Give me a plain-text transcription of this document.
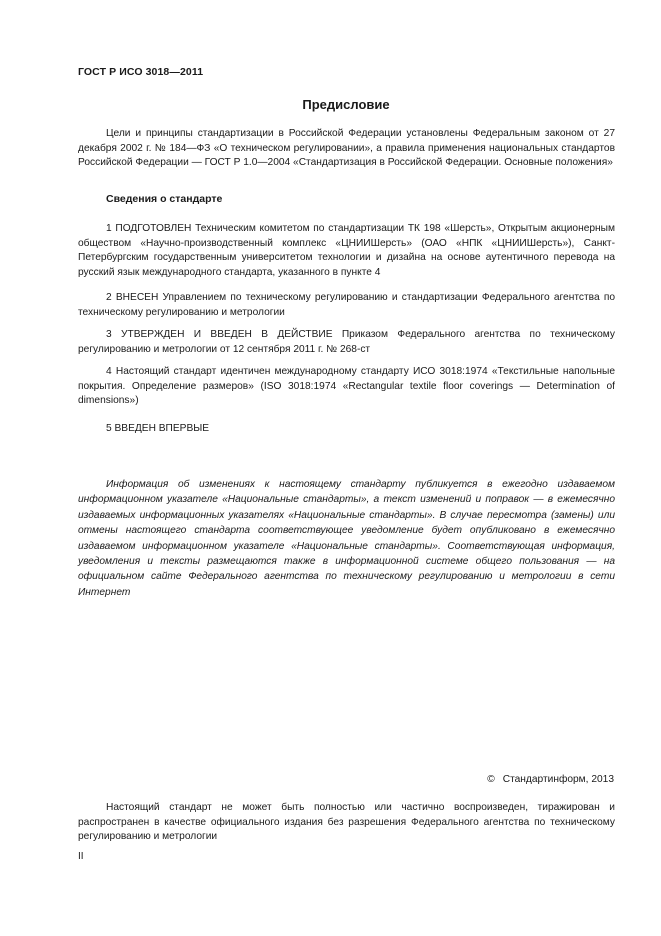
ГОСТ Р ИСО 3018—2011
Предисловие

Цели и принципы стандартизации в Российской Федерации установлены Федеральным законом от 27 декабря 2002 г. № 184—ФЗ «О техническом регулировании», а правила применения национальных стандартов Российской Федерации — ГОСТ Р 1.0—2004 «Стандартизация в Российской Федерации. Основные положения»

Сведения о стандарте

1 ПОДГОТОВЛЕН Техническим комитетом по стандартизации ТК 198 «Шерсть», Открытым акционерным обществом «Научно-производственный комплекс «ЦНИИШерсть» (ОАО «НПК «ЦНИИШерсть»), Санкт-Петербургским государственным университетом технологии и дизайна на основе аутентичного перевода на русский язык международного стандарта, указанного в пункте 4

2 ВНЕСЕН Управлением по техническому регулированию и стандартизации Федерального агентства по техническому регулированию и метрологии

3 УТВЕРЖДЕН И ВВЕДЕН В ДЕЙСТВИЕ Приказом Федерального агентства по техническому регулированию и метрологии от 12 сентября 2011 г. № 268-ст

4 Настоящий стандарт идентичен международному стандарту ИСО 3018:1974 «Текстильные напольные покрытия. Определение размеров» (ISO 3018:1974 «Rectangular textile floor coverings — Determination of dimensions»)

5 ВВЕДЕН ВПЕРВЫЕ

Информация об изменениях к настоящему стандарту публикуется в ежегодно издаваемом информационном указателе «Национальные стандарты», а текст изменений и поправок — в ежемесячно издаваемых информационных указателях «Национальные стандарты». В случае пересмотра (замены) или отмены настоящего стандарта соответствующее уведомление будет опубликовано в ежемесячно издаваемом информационном указателе «Национальные стандарты». Соответствующая информация, уведомления и тексты размещаются также в информационной системе общего пользования — на официальном сайте Федерального агентства по техническому регулированию и метрологии в сети Интернет

© Стандартинформ, 2013

Настоящий стандарт не может быть полностью или частично воспроизведен, тиражирован и распространен в качестве официального издания без разрешения Федерального агентства по техническому регулированию и метрологии

II
